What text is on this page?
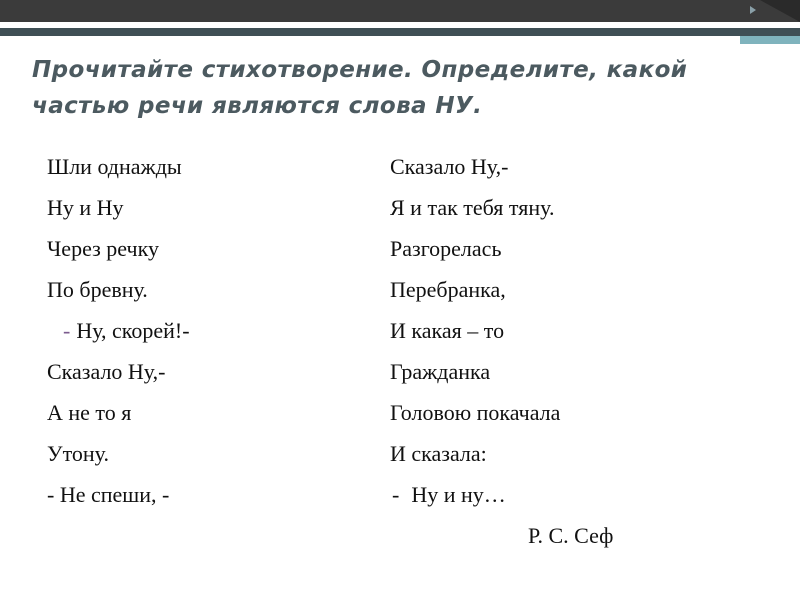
Прочитайте стихотворение. Определите, какой частью речи являются слова НУ.
Шли однажды
Ну и Ну
Через речку
По бревну.
- Ну, скорей!-
Сказало Ну,-
А не то я
Утону.
- Не спеши, -
Сказало Ну,-
Я и так тебя тяну.
Разгорелась
Перебранка,
И какая – то
Гражданка
Головою покачала
И сказала:
- Ну и ну…
Р. С. Сеф
